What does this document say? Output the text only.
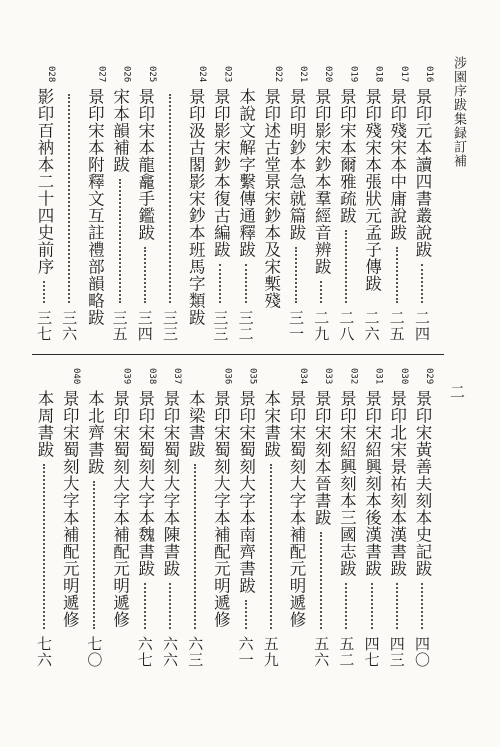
涉園序跋集録訂補
二
016
景印元本讀四書叢說跋
二四
017
景印殘宋本中庸說跋
二五
018
景印殘宋本張狀元孟子傳跋
二六
019
景印宋本爾雅疏跋
二八
020
景印影宋鈔本羣經音辨跋
二九
021
景印明鈔本急就篇跋
三一
022
景印述古堂景宋鈔本及宋槧殘
本說文解字繫傳通釋跋
三二
023
景印影宋鈔本復古編跋
三三
024
景印汲古閣影宋鈔本班馬字類跋
三三
025
景印宋本龍龕手鑑跋
三四
026
宋本韻補跋
三五
027
景印宋本附釋文互註禮部韻略跋
三六
028
影印百衲本二十四史前序
三七
029
景印宋黃善夫刻本史記跋
四〇
030
景印北宋景祐刻本漢書跋
四三
031
景印宋紹興刻本後漢書跋
四七
032
景印宋紹興刻本三國志跋
五二
033
景印宋刻本晉書跋
五六
034
景印宋蜀刻大字本補配元明遞修
本宋書跋
五九
035
景印宋蜀刻大字本南齊書跋
六一
036
景印宋蜀刻大字本補配元明遞修
本梁書跋
六三
037
景印宋蜀刻大字本陳書跋
六六
038
景印宋蜀刻大字本魏書跋
六七
039
景印宋蜀刻大字本補配元明遞修
本北齊書跋
七〇
040
景印宋蜀刻大字本補配元明遞修
本周書跋
七六
